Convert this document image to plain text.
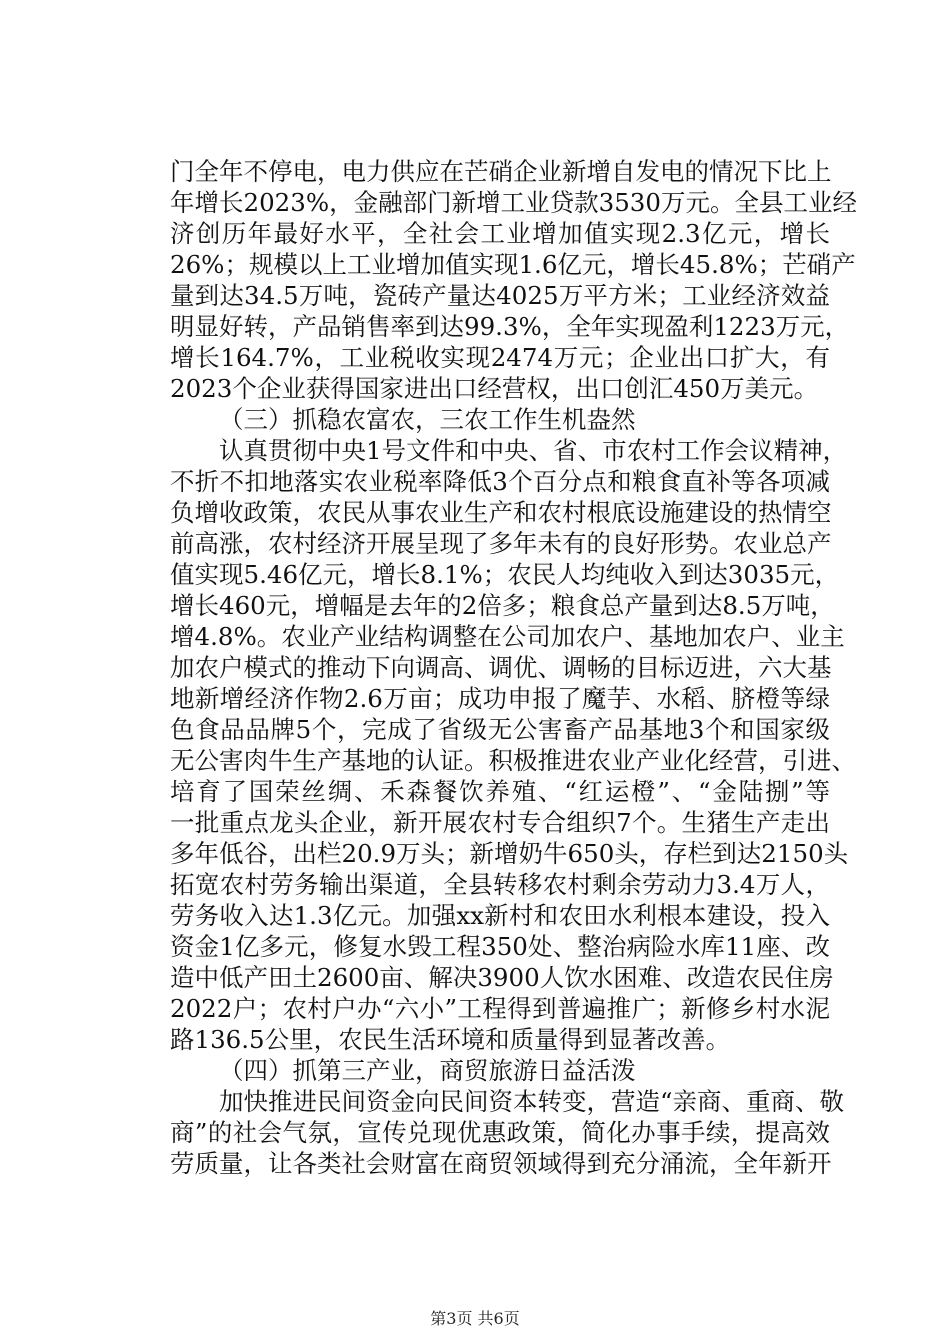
门全年不停电，电力供应在芒硝企业新增自发电的情况下比上
年增长2023%，金融部门新增工业贷款3530万元。全县工业经
济创历年最好水平，全社会工业增加值实现2.3亿元，增长
26%；规模以上工业增加值实现1.6亿元，增长45.8%；芒硝产
量到达34.5万吨，瓷砖产量达4025万平方米；工业经济效益
明显好转，产品销售率到达99.3%，全年实现盈利1223万元，
增长164.7%，工业税收实现2474万元；企业出口扩大，有
2023个企业获得国家进出口经营权，出口创汇450万美元。
（三）抓稳农富农，三农工作生机盎然
认真贯彻中央1号文件和中央、省、市农村工作会议精神，
不折不扣地落实农业税率降低3个百分点和粮食直补等各项减
负增收政策，农民从事农业生产和农村根底设施建设的热情空
前高涨，农村经济开展呈现了多年未有的良好形势。农业总产
值实现5.46亿元，增长8.1%；农民人均纯收入到达3035元，
增长460元，增幅是去年的2倍多；粮食总产量到达8.5万吨，
增4.8%。农业产业结构调整在公司加农户、基地加农户、业主
加农户模式的推动下向调高、调优、调畅的目标迈进，六大基
地新增经济作物2.6万亩；成功申报了魔芋、水稻、脐橙等绿
色食品品牌5个，完成了省级无公害畜产品基地3个和国家级
无公害肉牛生产基地的认证。积极推进农业产业化经营，引进、
培育了国荣丝绸、禾森餐饮养殖、“红运橙”、“金陆捌”等
一批重点龙头企业，新开展农村专合组织7个。生猪生产走出
多年低谷，出栏20.9万头；新增奶牛650头，存栏到达2150头
拓宽农村劳务输出渠道，全县转移农村剩余劳动力3.4万人，
劳务收入达1.3亿元。加强xx新村和农田水利根本建设，投入
资金1亿多元，修复水毁工程350处、整治病险水库11座、改
造中低产田土2600亩、解决3900人饮水困难、改造农民住房
2022户；农村户办“六小”工程得到普遍推广；新修乡村水泥
路136.5公里，农民生活环境和质量得到显著改善。
（四）抓第三产业，商贸旅游日益活泼
加快推进民间资金向民间资本转变，营造“亲商、重商、敬
商”的社会气氛，宣传兑现优惠政策，简化办事手续，提高效
劳质量，让各类社会财富在商贸领域得到充分涌流，全年新开
第3页 共6页
